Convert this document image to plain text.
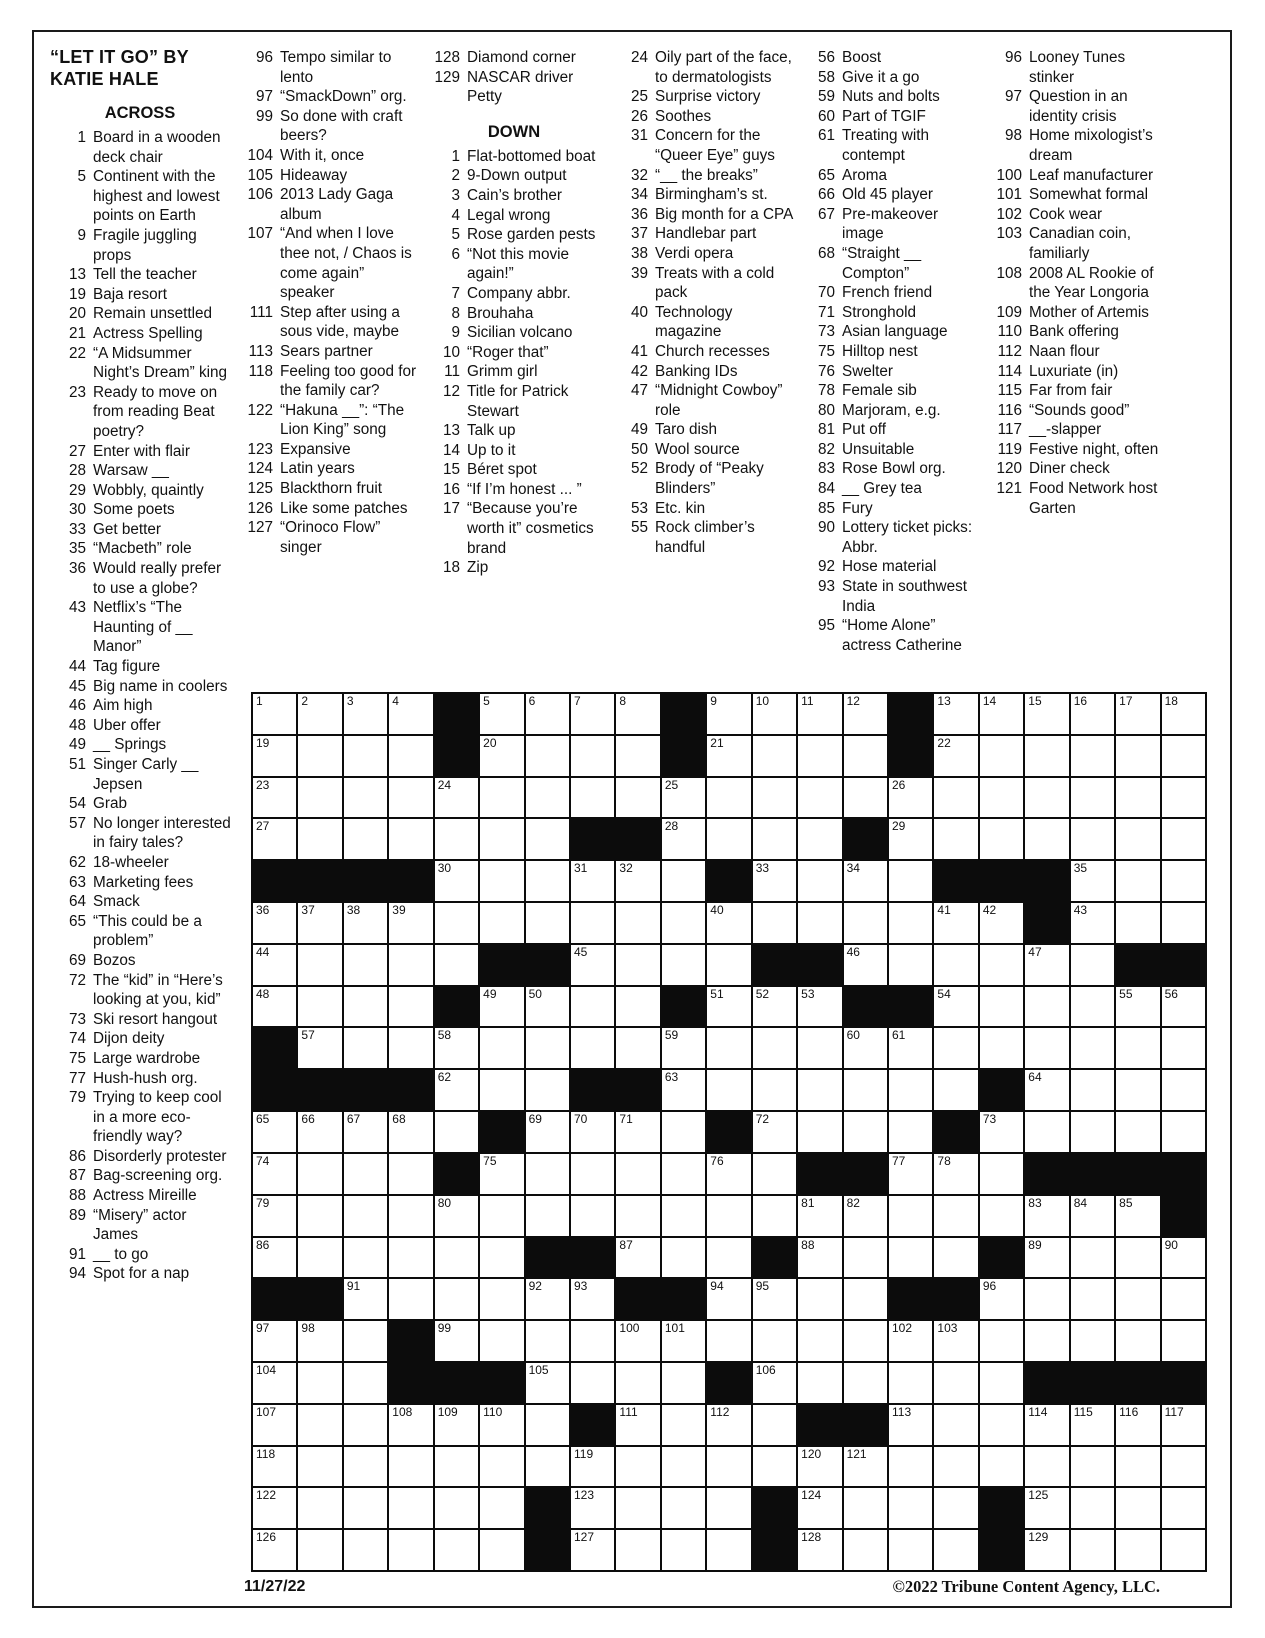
“LET IT GO” BY KATIE HALE
ACROSS
1 Board in a wooden deck chair
5 Continent with the highest and lowest points on Earth
9 Fragile juggling props
13 Tell the teacher
19 Baja resort
20 Remain unsettled
21 Actress Spelling
22 “A Midsummer Night’s Dream” king
23 Ready to move on from reading Beat poetry?
27 Enter with flair
28 Warsaw __
29 Wobbly, quaintly
30 Some poets
33 Get better
35 “Macbeth” role
36 Would really prefer to use a globe?
43 Netflix’s “The Haunting of __ Manor”
44 Tag figure
45 Big name in coolers
46 Aim high
48 Uber offer
49 __ Springs
51 Singer Carly __ Jepsen
54 Grab
57 No longer interested in fairy tales?
62 18-wheeler
63 Marketing fees
64 Smack
65 “This could be a problem”
69 Bozos
72 The “kid” in “Here’s looking at you, kid”
73 Ski resort hangout
74 Dijon deity
75 Large wardrobe
77 Hush-hush org.
79 Trying to keep cool in a more eco-friendly way?
86 Disorderly protester
87 Bag-screening org.
88 Actress Mireille
89 “Misery” actor James
91 __ to go
94 Spot for a nap
96 Tempo similar to lento
97 “SmackDown” org.
99 So done with craft beers?
104 With it, once
105 Hideaway
106 2013 Lady Gaga album
107 “And when I love thee not, / Chaos is come again” speaker
111 Step after using a sous vide, maybe
113 Sears partner
118 Feeling too good for the family car?
122 “Hakuna __”: “The Lion King” song
123 Expansive
124 Latin years
125 Blackthorn fruit
126 Like some patches
127 “Orinoco Flow” singer
128 Diamond corner
129 NASCAR driver Petty
DOWN
1 Flat-bottomed boat
2 9-Down output
3 Cain’s brother
4 Legal wrong
5 Rose garden pests
6 “Not this movie again!”
7 Company abbr.
8 Brouhaha
9 Sicilian volcano
10 “Roger that”
11 Grimm girl
12 Title for Patrick Stewart
13 Talk up
14 Up to it
15 Béret spot
16 “If I’m honest ... ”
17 “Because you’re worth it” cosmetics brand
18 Zip
24 Oily part of the face, to dermatologists
25 Surprise victory
26 Soothes
31 Concern for the “Queer Eye” guys
32 “__ the breaks”
34 Birmingham’s st.
36 Big month for a CPA
37 Handlebar part
38 Verdi opera
39 Treats with a cold pack
40 Technology magazine
41 Church recesses
42 Banking IDs
47 “Midnight Cowboy” role
49 Taro dish
50 Wool source
52 Brody of “Peaky Blinders”
53 Etc. kin
55 Rock climber’s handful
56 Boost
58 Give it a go
59 Nuts and bolts
60 Part of TGIF
61 Treating with contempt
65 Aroma
66 Old 45 player
67 Pre-makeover image
68 “Straight __ Compton”
70 French friend
71 Stronghold
73 Asian language
75 Hilltop nest
76 Swelter
78 Female sib
80 Marjoram, e.g.
81 Put off
82 Unsuitable
83 Rose Bowl org.
84 __ Grey tea
85 Fury
90 Lottery ticket picks: Abbr.
92 Hose material
93 State in southwest India
95 “Home Alone” actress Catherine
96 Looney Tunes stinker
97 Question in an identity crisis
98 Home mixologist’s dream
100 Leaf manufacturer
101 Somewhat formal
102 Cook wear
103 Canadian coin, familiarly
108 2008 AL Rookie of the Year Longoria
109 Mother of Artemis
110 Bank offering
112 Naan flour
114 Luxuriate (in)
115 Far from fair
116 “Sounds good”
117 __-slapper
119 Festive night, often
120 Diner check
121 Food Network host Garten
1	2	3	4	5	6	7	8	9	10	11	12	13	14	15	16	17	18
19	20	21	22
23	24	25	26
27	28	29
30	31	32	33	34	35
36	37	38	39	40	41	42	43
44	45	46	47
48	49	50	51	52	53	54	55	56
57	58	59	60	61
62	63	64
65	66	67	68	69	70	71	72	73
74	75	76	77	78
79	80	81	82	83	84	85
86	87	88	89	90
91	92	93	94	95	96
97	98	99	100 101	102 103
104	105	106
107	108 109 110	111	112	113	114 115 116 117
118	119	120 121
122	123	124	125
126	127	128	129
11/27/22	©2022 Tribune Content Agency, LLC.
